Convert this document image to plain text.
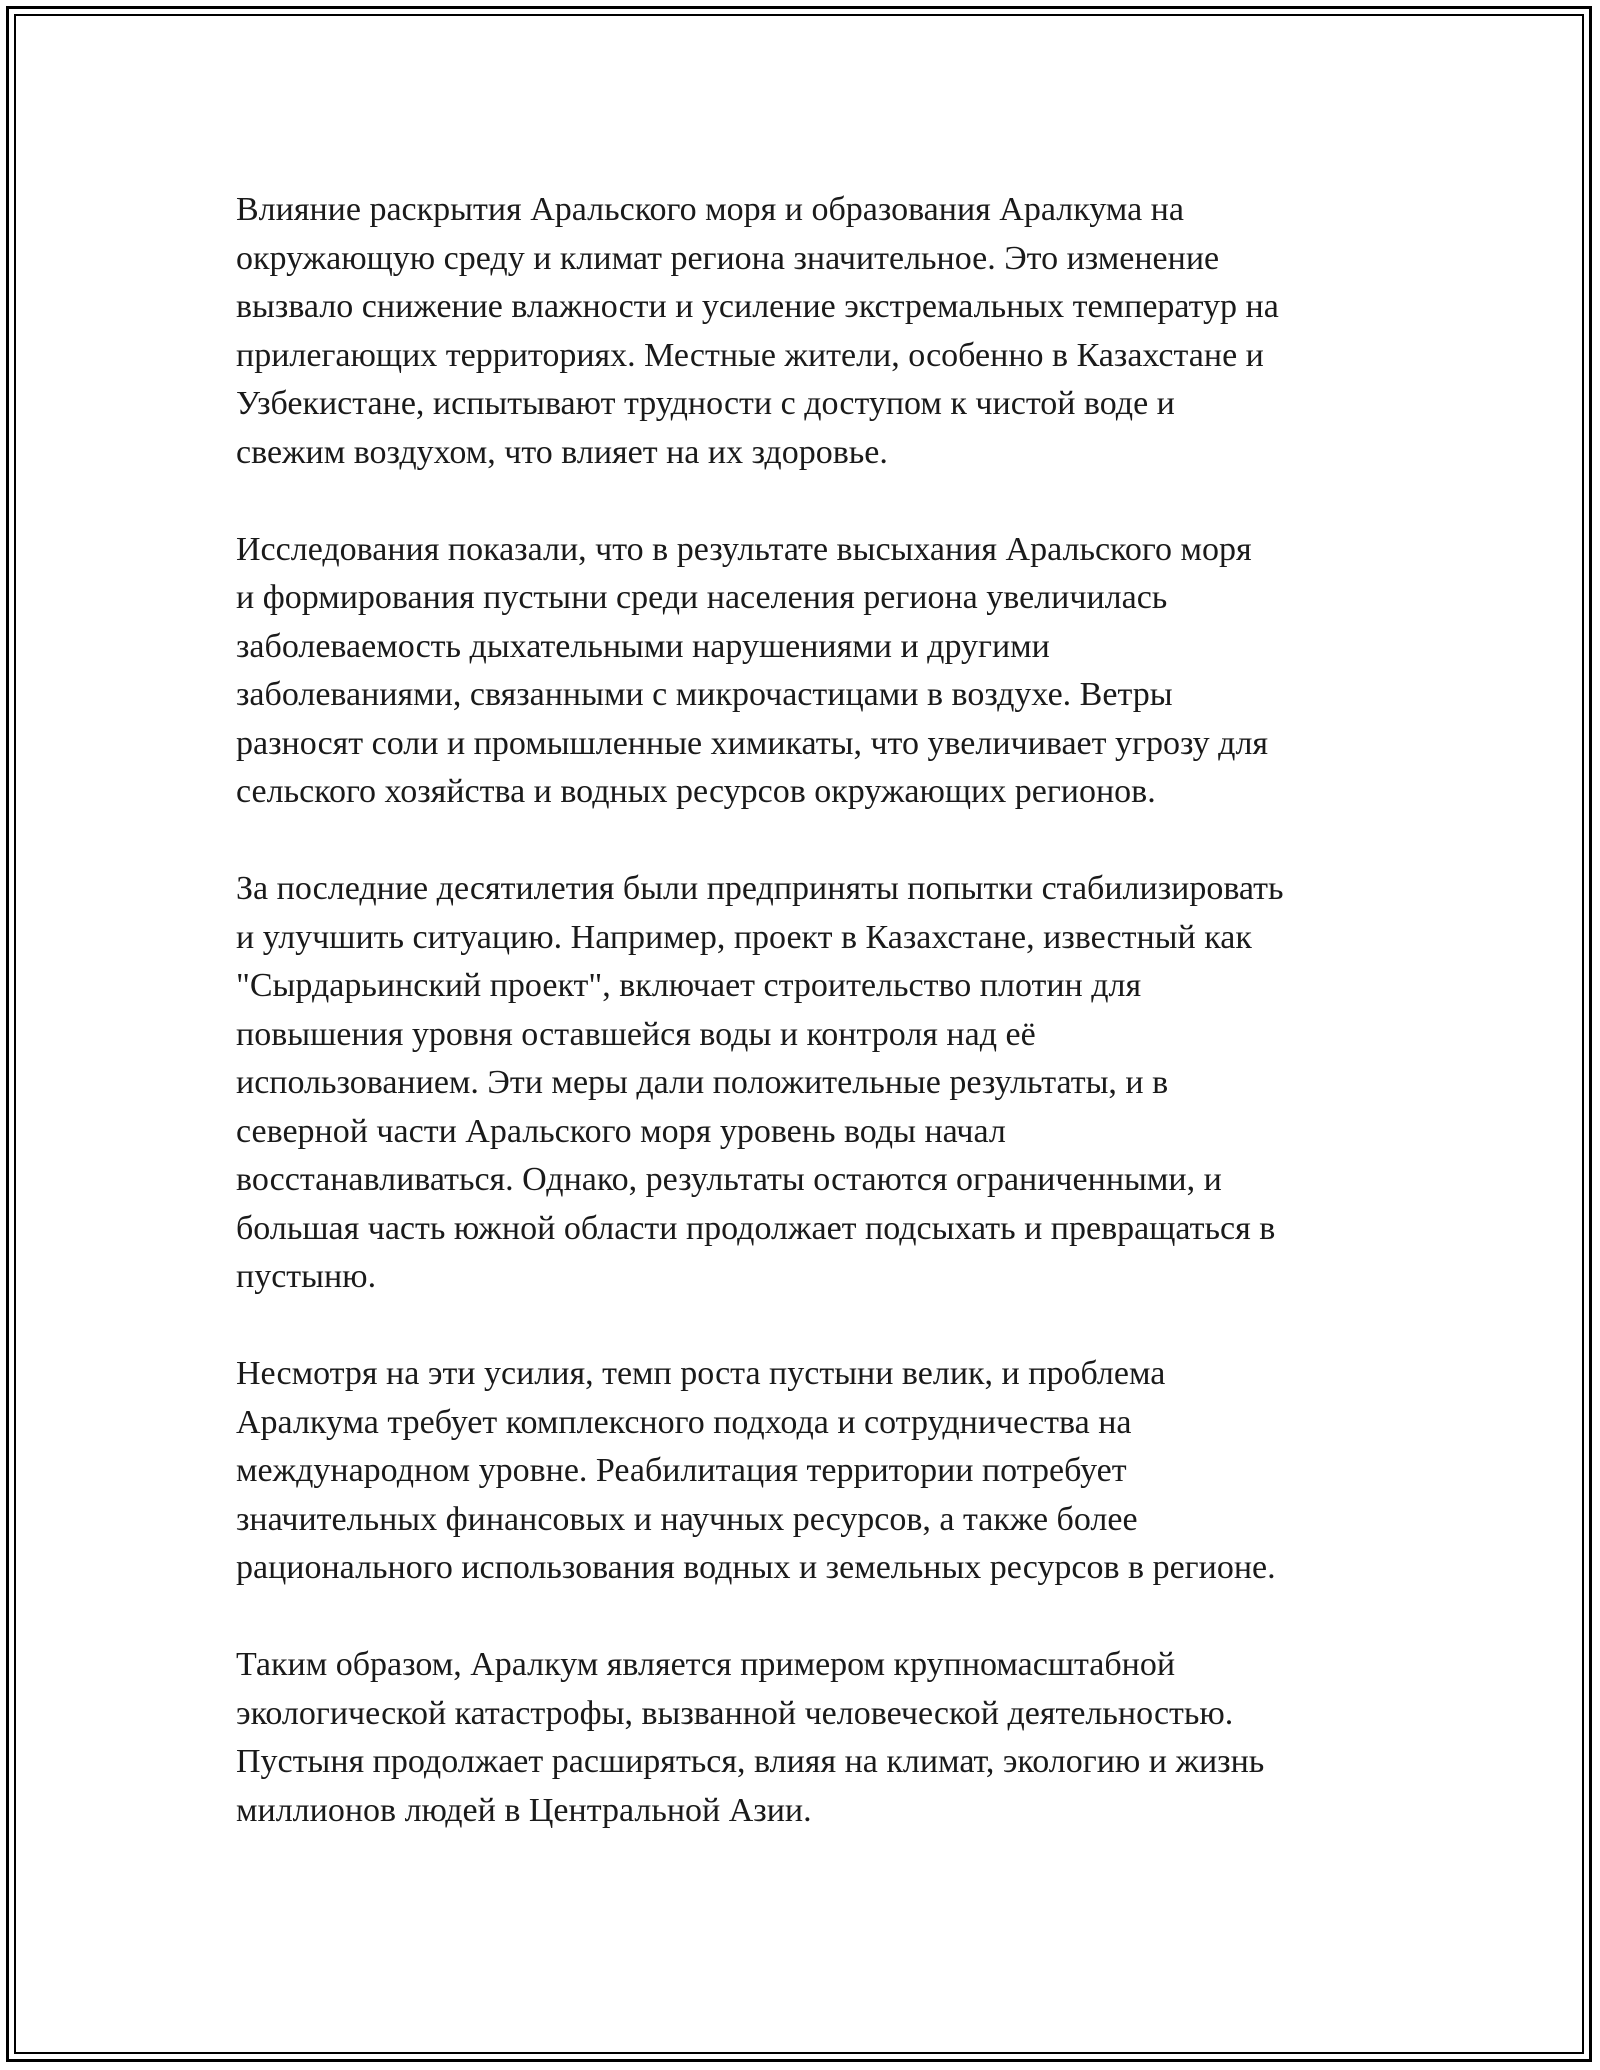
Влияние раскрытия Аральского моря и образования Аралкума на
окружающую среду и климат региона значительное. Это изменение
вызвало снижение влажности и усиление экстремальных температур на
прилегающих территориях. Местные жители, особенно в Казахстане и
Узбекистане, испытывают трудности с доступом к чистой воде и
свежим воздухом, что влияет на их здоровье.

Исследования показали, что в результате высыхания Аральского моря
и формирования пустыни среди населения региона увеличилась
заболеваемость дыхательными нарушениями и другими
заболеваниями, связанными с микрочастицами в воздухе. Ветры
разносят соли и промышленные химикаты, что увеличивает угрозу для
сельского хозяйства и водных ресурсов окружающих регионов.

За последние десятилетия были предприняты попытки стабилизировать
и улучшить ситуацию. Например, проект в Казахстане, известный как
"Сырдарьинский проект", включает строительство плотин для
повышения уровня оставшейся воды и контроля над её
использованием. Эти меры дали положительные результаты, и в
северной части Аральского моря уровень воды начал
восстанавливаться. Однако, результаты остаются ограниченными, и
большая часть южной области продолжает подсыхать и превращаться в
пустыню.

Несмотря на эти усилия, темп роста пустыни велик, и проблема
Аралкума требует комплексного подхода и сотрудничества на
международном уровне. Реабилитация территории потребует
значительных финансовых и научных ресурсов, а также более
рационального использования водных и земельных ресурсов в регионе.

Таким образом, Аралкум является примером крупномасштабной
экологической катастрофы, вызванной человеческой деятельностью.
Пустыня продолжает расширяться, влияя на климат, экологию и жизнь
миллионов людей в Центральной Азии.
